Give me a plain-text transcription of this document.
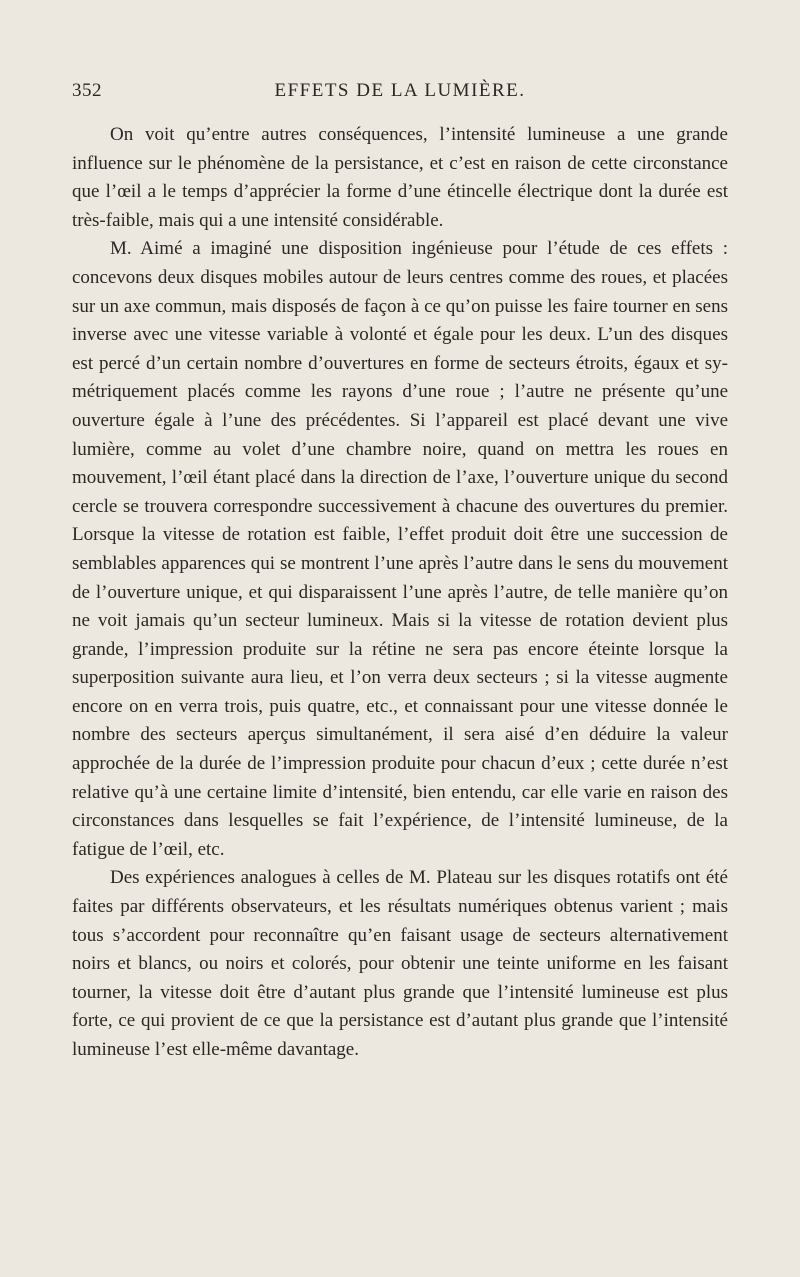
352	EFFETS DE LA LUMIÈRE.

On voit qu’entre autres conséquences, l’intensité lumineuse a une grande influence sur le phénomène de la persistance, et c’est en raison de cette circonstance que l’œil a le temps d’apprécier la forme d’une étincelle électrique dont la durée est très-faible, mais qui a une intensité considérable.

M. Aimé a imaginé une disposition ingénieuse pour l’étude de ces effets : concevons deux disques mobiles autour de leurs centres comme des roues, et placées sur un axe commun, mais disposés de façon à ce qu’on puisse les faire tourner en sens inverse avec une vitesse variable à volonté et égale pour les deux. L’un des disques est percé d’un certain nombre d’ouvertures en forme de secteurs étroits, égaux et symétriquement placés comme les rayons d’une roue ; l’autre ne présente qu’une ouverture égale à l’une des précédentes. Si l’appareil est placé devant une vive lumière, comme au volet d’une chambre noire, quand on mettra les roues en mouvement, l’œil étant placé dans la direction de l’axe, l’ouverture unique du second cercle se trouvera correspondre successivement à chacune des ouvertures du premier. Lorsque la vitesse de rotation est faible, l’effet produit doit être une succession de semblables apparences qui se montrent l’une après l’autre dans le sens du mouvement de l’ouverture unique, et qui disparaissent l’une après l’autre, de telle manière qu’on ne voit jamais qu’un secteur lumineux. Mais si la vitesse de rotation devient plus grande, l’impression produite sur la rétine ne sera pas encore éteinte lorsque la superposition suivante aura lieu, et l’on verra deux secteurs ; si la vitesse augmente encore on en verra trois, puis quatre, etc., et connaissant pour une vitesse donnée le nombre des secteurs aperçus simultanément, il sera aisé d’en déduire la valeur approchée de la durée de l’impression produite pour chacun d’eux ; cette durée n’est relative qu’à une certaine limite d’intensité, bien entendu, car elle varie en raison des circonstances dans lesquelles se fait l’expérience, de l’intensité lumineuse, de la fatigue de l’œil, etc.

Des expériences analogues à celles de M. Plateau sur les disques rotatifs ont été faites par différents observateurs, et les résultats numériques obtenus varient ; mais tous s’accordent pour reconnaître qu’en faisant usage de secteurs alternativement noirs et blancs, ou noirs et colorés, pour obtenir une teinte uniforme en les faisant tourner, la vitesse doit être d’autant plus grande que l’intensité lumineuse est plus forte, ce qui provient de ce que la persistance est d’autant plus grande que l’intensité lumineuse l’est elle-même davantage.
